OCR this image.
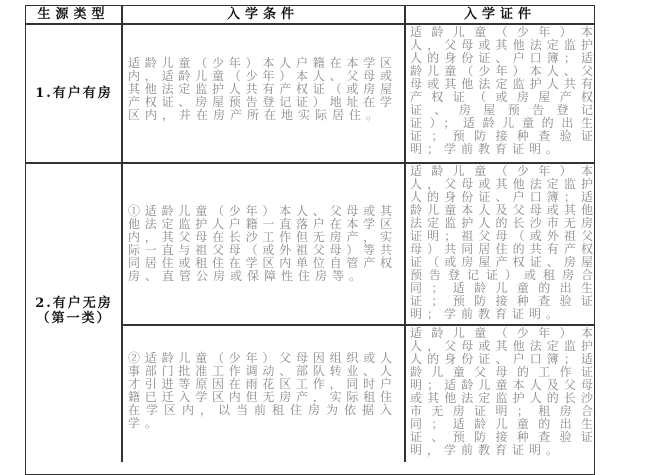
生源类型	入学条件	入学证件
1.有户有房
2.有户无房
（第一类）
适龄儿童（少年）本人户籍在本学区
内，适龄儿童（少年）本人、父母或
其他法定监护人共有产权证（或房屋
产权证、房屋预告登记证）地址在学
区内，并在房产所在地实际居住。
适龄儿童（少年）本
人，父母或其他法定监护
人的身份证、户口簿；适
龄儿童（少年）本人、父
母或其他法定监护人共有
产权证（或房屋产权
证、房屋预告登记
证）；适龄儿童的出生
证；预防接种查验证
明；学前教育证明。
①适龄儿童（少年）本人、父母或其
他法定监护人户籍一直落户在本学区
内，其父母在长沙工作但无房产，实
际一直与祖父母（或外祖父母）等共
同居住或租住在学区内单位自管产权
房、直管公房或保障性住房等。
适龄儿童（少年）本
人，父母或其他法定监护
人的身份证、户口簿；适
龄儿童本人及父母或其他
法定监护人的长沙市无房
证明；祖父母（或外祖父
母）共同居住的共有产权
证（或房屋产权证、房屋
预告登记证）或租房合
同；适龄儿童的出生
证；预防接种查验证
明；学前教育证明。
②适龄儿童（少年）父母因组织或人
事部门批准工作调动、部队转业、人
才引进等原因在雨花区工作，同时户
籍已迁入学区内但无房产，实际租住
在学区内，以当前租住房为依据入
学。
适龄儿童（少年）本
人，父母或其他法定监护
人的身份证、户口簿；适
龄儿童父母的工作证
明；适龄儿童本人及父母
或其他法定监护人的长沙
市无房证明；租房合
同；适龄儿童的出生
证、预防接种查验证
明，学前教育证明。
